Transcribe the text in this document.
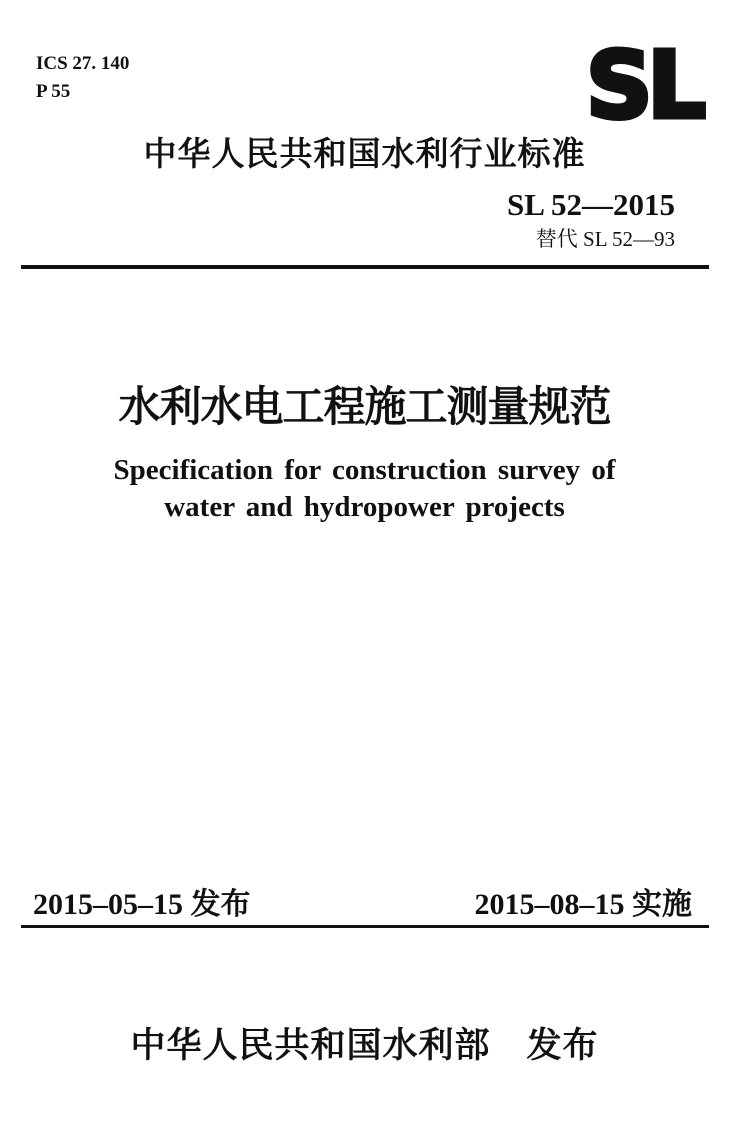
ICS 27. 140
P 55	SL
中华人民共和国水利行业标准
SL 52—2015
替代 SL 52—93
水利水电工程施工测量规范
Specification for construction survey of
water and hydropower projects
2015–05–15 发布	2015–08–15 实施
中华人民共和国水利部　发布
